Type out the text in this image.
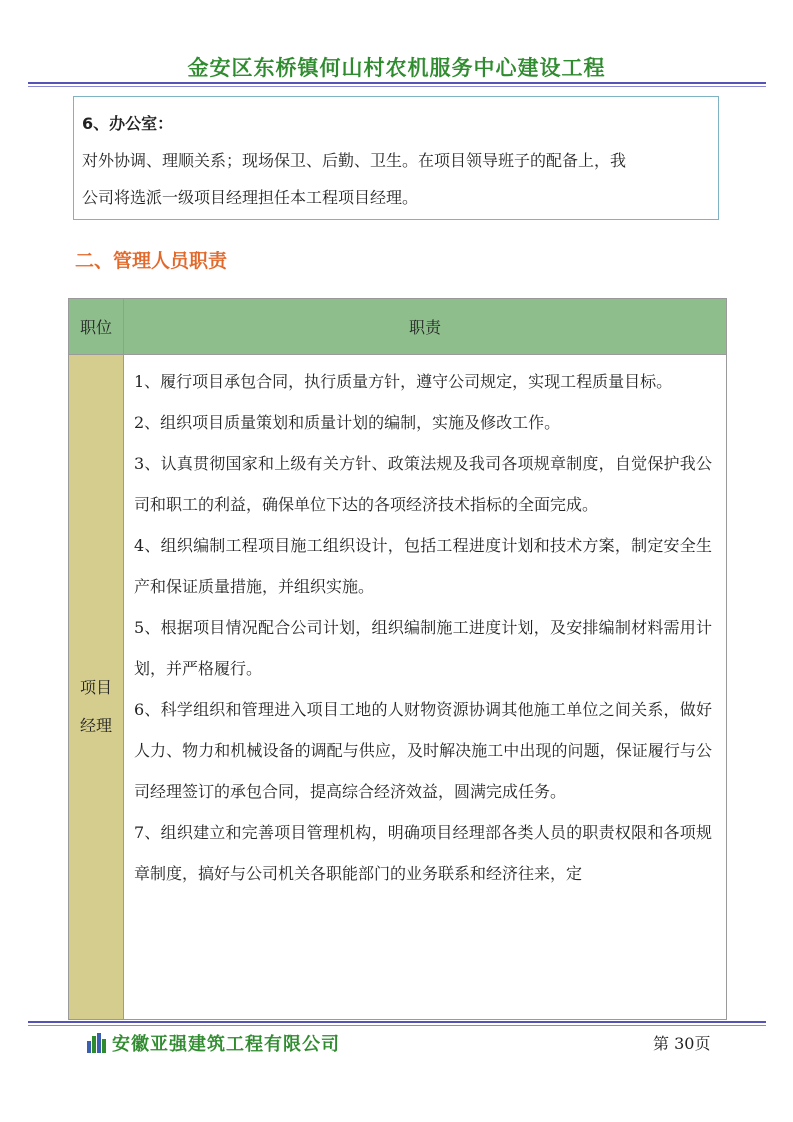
金安区东桥镇何山村农机服务中心建设工程
6、办公室：
对外协调、理顺关系；现场保卫、后勤、卫生。在项目领导班子的配备上，我
公司将选派一级项目经理担任本工程项目经理。
二、管理人员职责
职位	职责
项目经理

1、履行项目承包合同，执行质量方针，遵守公司规定，实现工程质量目标。

2、组织项目质量策划和质量计划的编制，实施及修改工作。

3、认真贯彻国家和上级有关方针、政策法规及我司各项规章制度，自觉保护我公司和职工的利益，确保单位下达的各项经济技术指标的全面完成。

4、组织编制工程项目施工组织设计，包括工程进度计划和技术方案，制定安全生产和保证质量措施，并组织实施。

5、根据项目情况配合公司计划，组织编制施工进度计划，及安排编制材料需用计划，并严格履行。

6、科学组织和管理进入项目工地的人财物资源协调其他施工单位之间关系，做好人力、物力和机械设备的调配与供应，及时解决施工中出现的问题，保证履行与公司经理签订的承包合同，提高综合经济效益，圆满完成任务。

7、组织建立和完善项目管理机构，明确项目经理部各类人员的职责权限和各项规章制度，搞好与公司机关各职能部门的业务联系和经济往来，定

安徽亚强建筑工程有限公司	第 30页
